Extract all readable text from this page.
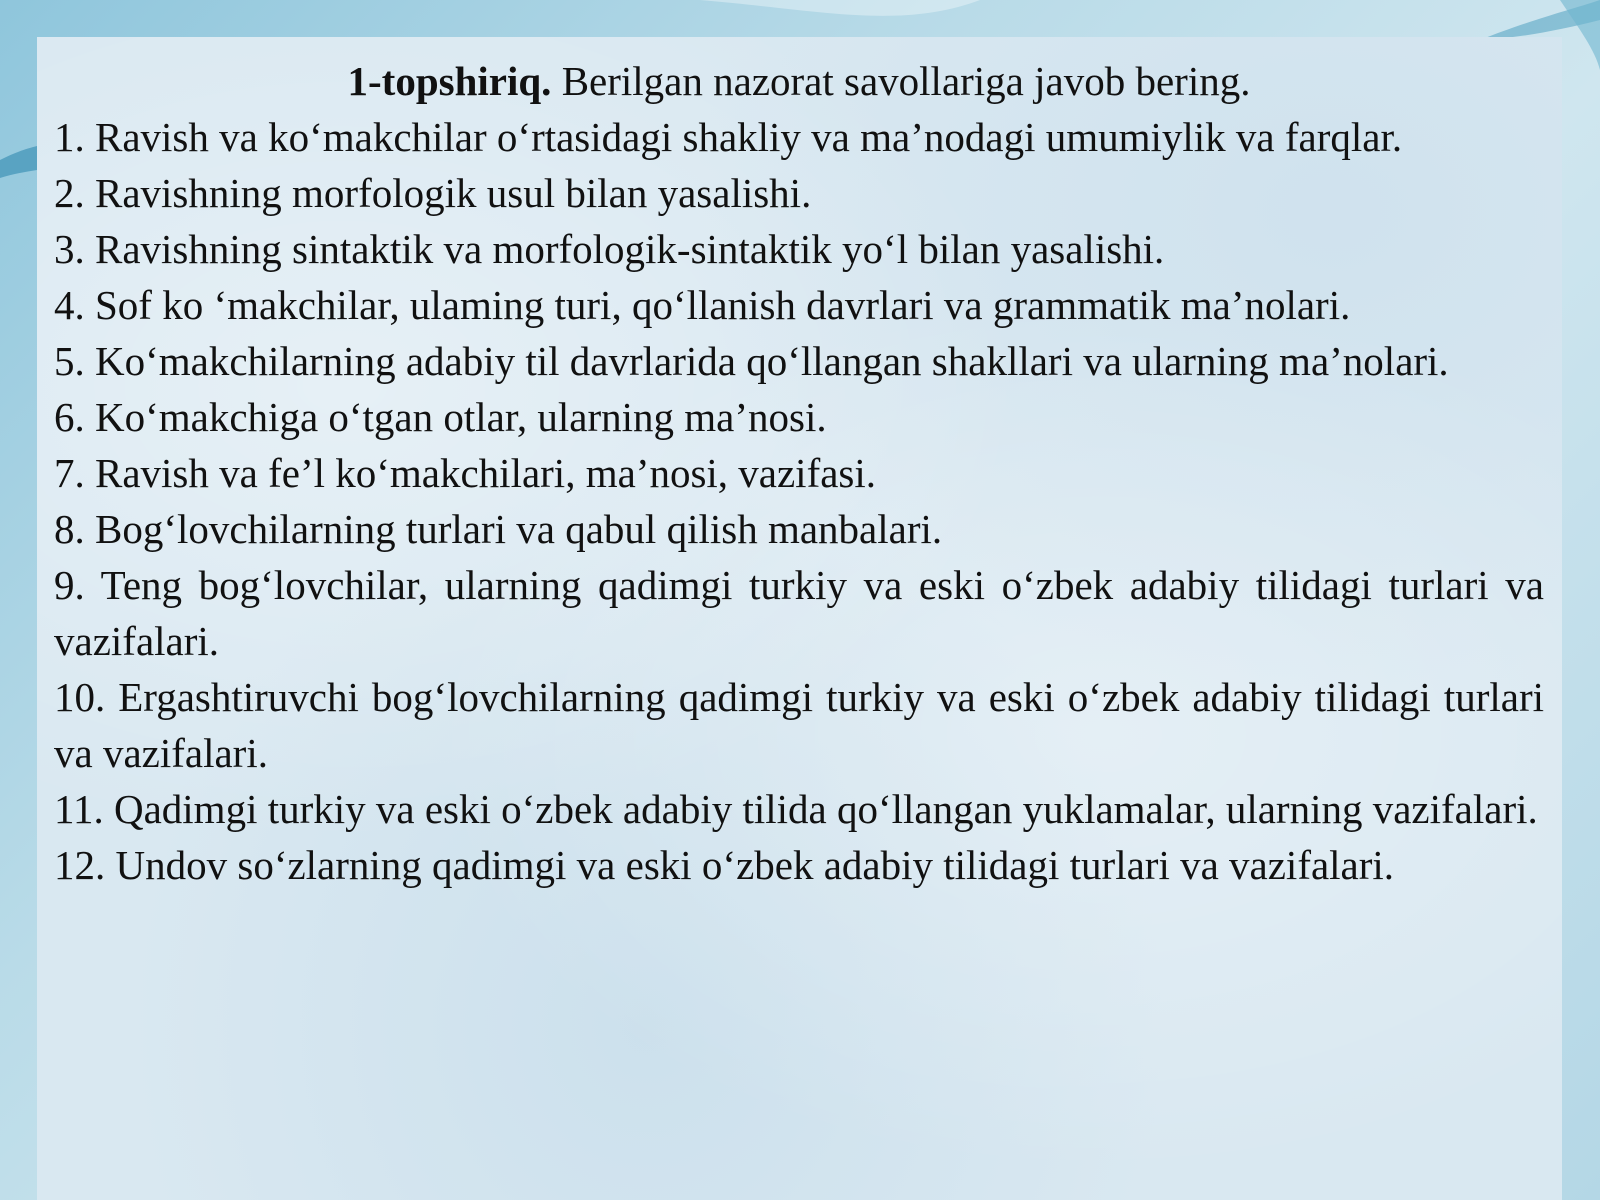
1-topshiriq. Berilgan nazorat savollariga javob bering.

1. Ravish va ko‘makchilar o‘rtasidagi shakliy va ma’nodagi umumiylik va farqlar.

2. Ravishning morfologik usul bilan yasalishi.

3. Ravishning sintaktik va morfologik-sintaktik yo‘l bilan yasalishi.

4. Sof ko ‘makchilar, ulaming turi, qo‘llanish davrlari va grammatik ma’nolari.

5. Ko‘makchilarning adabiy til davrlarida qo‘llangan shakllari va ularning ma’nolari.

6. Ko‘makchiga o‘tgan otlar, ularning ma’nosi.

7. Ravish va fe’l ko‘makchilari, ma’nosi, vazifasi.

8. Bog‘lovchilarning turlari va qabul qilish manbalari.

9. Teng bog‘lovchilar, ularning qadimgi turkiy va eski o‘zbek adabiy tilidagi turlari va vazifalari.

10. Ergashtiruvchi bog‘lovchilarning qadimgi turkiy va eski o‘zbek adabiy tilidagi turlari va vazifalari.

11. Qadimgi turkiy va eski o‘zbek adabiy tilida qo‘llangan yuklamalar, ularning vazifalari.

12. Undov so‘zlarning qadimgi va eski o‘zbek adabiy tilidagi turlari va vazifalari.
